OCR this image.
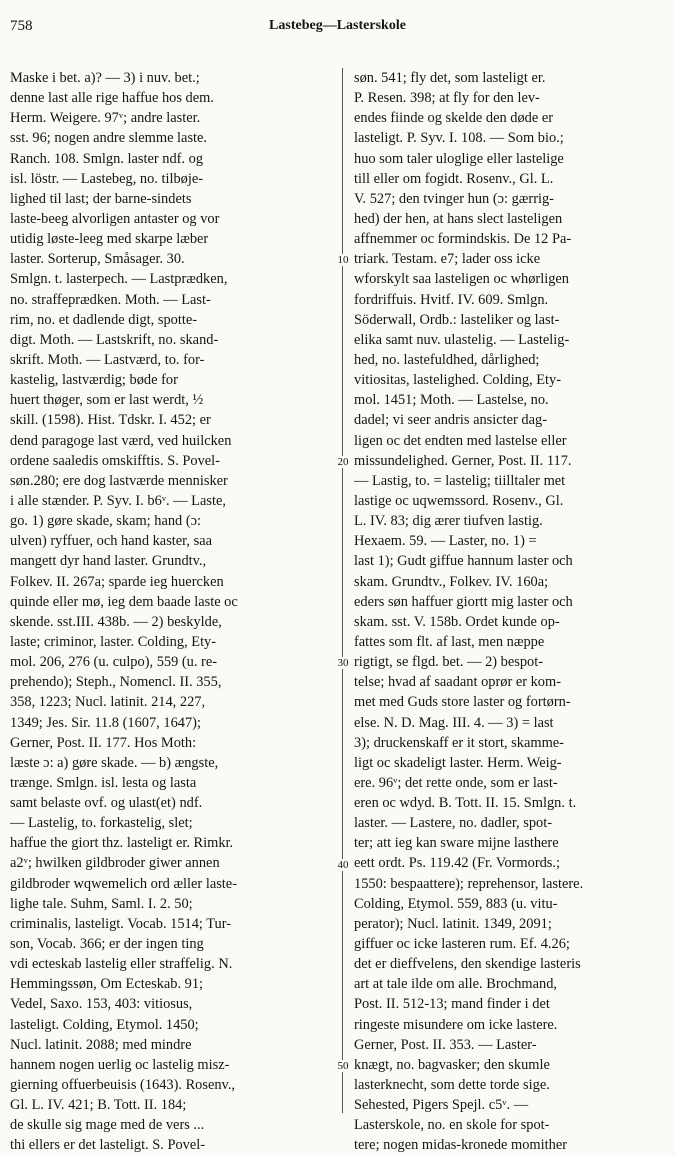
758	Lastebeg—Lasterskole
Maske i bet. a)? — 3) i nuv. bet.;
denne last alle rige haffue hos dem.
Herm. Weigere. 97ᵛ; andre laster.
sst. 96; nogen andre slemme laste.
Ranch. 108. Smlgn. laster ndf. og
isl. löstr. — Lastebeg, no. tilbøje-
lighed til last; der barne-sindets
laste-beeg alvorligen antaster og vor
utidig løste-leeg med skarpe læber
laster. Sorterup, Småsager. 30.
Smlgn. t. lasterpech. — Lastprædken,
no. straffeprædken. Moth. — Last-
rim, no. et dadlende digt, spotte-
digt. Moth. — Lastskrift, no. skand-
skrift. Moth. — Lastværd, to. for-
kastelig, lastværdig; bøde for
huert thøger, som er last werdt, ½
skill. (1598). Hist. Tdskr. I. 452; er
dend paragoge last værd, ved huilcken
ordene saaledis omskifftis. S. Povel-
søn.280; ere dog lastværde mennisker
i alle stænder. P. Syv. I. b6ᵛ. — Laste,
go. 1) gøre skade, skam; hand (ɔ:
ulven) ryffuer, och hand kaster, saa
mangett dyr hand laster. Grundtv.,
Folkev. II. 267a; sparde ieg huercken
quinde eller mø, ieg dem baade laste oc
skende. sst.III. 438b. — 2) beskylde,
laste; criminor, laster. Colding, Ety-
mol. 206, 276 (u. culpo), 559 (u. re-
prehendo); Steph., Nomencl. II. 355,
358, 1223; Nucl. latinit. 214, 227,
1349; Jes. Sir. 11.8 (1607, 1647);
Gerner, Post. II. 177. Hos Moth:
læste ɔ: a) gøre skade. — b) ængste,
trænge. Smlgn. isl. lesta og lasta
samt belaste ovf. og ulast(et) ndf.
— Lastelig, to. forkastelig, slet;
haffue the giort thz. lasteligt er. Rimkr.
a2ᵛ; hwilken gildbroder giwer annen
gildbroder wqwemelich ord æller laste-
lighe tale. Suhm, Saml. I. 2. 50;
criminalis, lasteligt. Vocab. 1514; Tur-
son, Vocab. 366; er der ingen ting
vdi ecteskab lastelig eller straffelig. N.
Hemmingssøn, Om Ecteskab. 91;
Vedel, Saxo. 153, 403: vitiosus,
lasteligt. Colding, Etymol. 1450;
Nucl. latinit. 2088; med mindre
hannem nogen uerlig oc lastelig misz-
gierning offuerbeuisis (1643). Rosenv.,
Gl. L. IV. 421; B. Tott. II. 184;
de skulle sig mage med de vers ...
thi ellers er det lasteligt. S. Povel-
søn. 541; fly det, som lasteligt er.
P. Resen. 398; at fly for den lev-
endes fiinde og skelde den døde er
lasteligt. P. Syv. I. 108. — Som bio.;
huo som taler uloglige eller lastelige
till eller om fogidt. Rosenv., Gl. L.
V. 527; den tvinger hun (ɔ: gærrig-
hed) der hen, at hans slect lasteligen
affnemmer oc formindskis. De 12 Pa-
triark. Testam. e7; lader oss icke
wforskylt saa lasteligen oc whørligen
fordriffuis. Hvitf. IV. 609. Smlgn.
Söderwall, Ordb.: lasteliker og last-
elika samt nuv. ulastelig. — Lastelig-
hed, no. lastefuldhed, dårlighed;
vitiositas, lastelighed. Colding, Ety-
mol. 1451; Moth. — Lastelse, no.
dadel; vi seer andris ansicter dag-
ligen oc det endten med lastelse eller
missundelighed. Gerner, Post. II. 117.
— Lastig, to. = lastelig; tiilltaler met
lastige oc uqwemssord. Rosenv., Gl.
L. IV. 83; dig ærer tiufven lastig.
Hexaem. 59. — Laster, no. 1) =
last 1); Gudt giffue hannum laster och
skam. Grundtv., Folkev. IV. 160a;
eders søn haffuer giortt mig laster och
skam. sst. V. 158b. Ordet kunde op-
fattes som flt. af last, men næppe
rigtigt, se flgd. bet. — 2) bespot-
telse; hvad af saadant oprør er kom-
met med Guds store laster og fortørn-
else. N. D. Mag. III. 4. — 3) = last
3); druckenskaff er it stort, skamme-
ligt oc skadeligt laster. Herm. Weig-
ere. 96ᵛ; det rette onde, som er last-
eren oc wdyd. B. Tott. II. 15. Smlgn. t.
laster. — Lastere, no. dadler, spot-
ter; att ieg kan sware mijne lasthere
eett ordt. Ps. 119.42 (Fr. Vormords.;
1550: bespaattere); reprehensor, lastere.
Colding, Etymol. 559, 883 (u. vitu-
perator); Nucl. latinit. 1349, 2091;
giffuer oc icke lasteren rum. Ef. 4.26;
det er dieffvelens, den skendige lasteris
art at tale ilde om alle. Brochmand,
Post. II. 512-13; mand finder i det
ringeste misundere om icke lastere.
Gerner, Post. II. 353. — Laster-
knægt, no. bagvasker; den skumle
lasterknecht, som dette torde sige.
Sehested, Pigers Spejl. c5ᵛ. —
Lasterskole, no. en skole for spot-
tere; nogen midas-kronede momither
10
20
30
40
50
